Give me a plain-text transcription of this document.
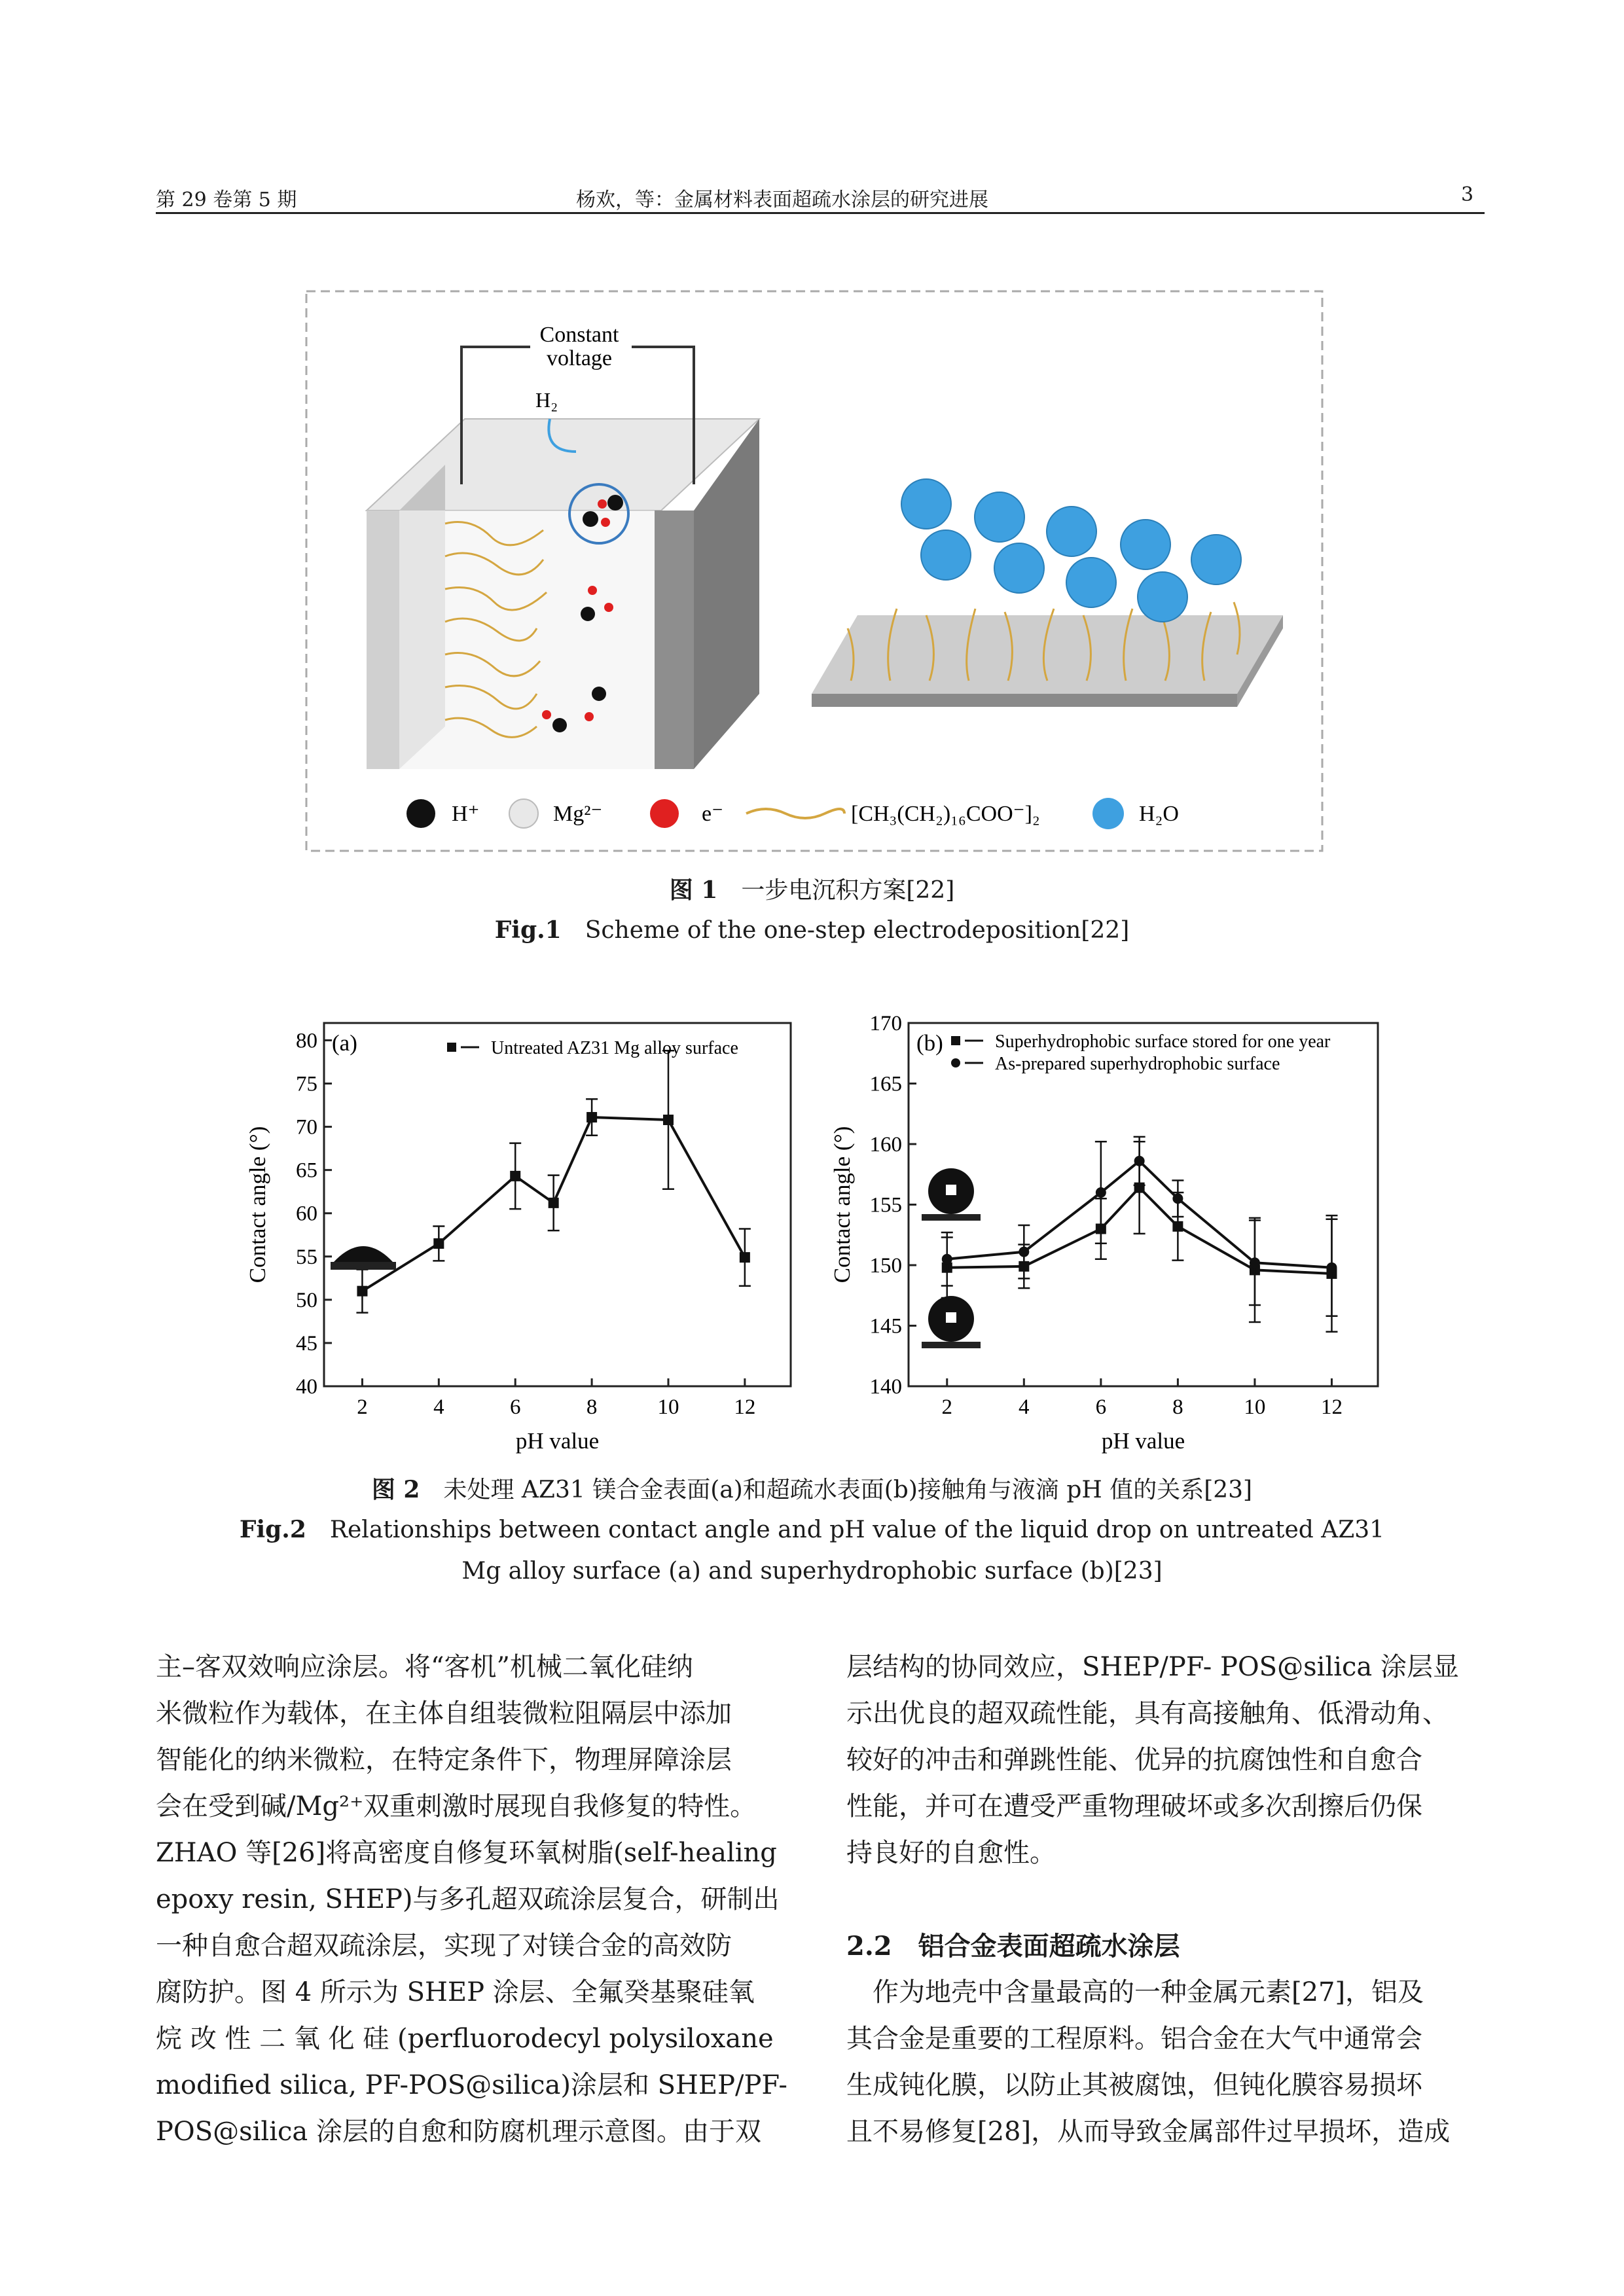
第 29 卷第 5 期	杨欢，等：金属材料表面超疏水涂层的研究进展	3
Constant
voltage
H₂
H⁺	Mg²⁻	e⁻	[CH₃(CH₂)₁₆COO⁻]₂	H₂O
图 1  一步电沉积方案[22]
Fig.1  Scheme of the one-step electrodeposition[22]
2	4	6	8	10	12
40
45
50
55
60
65
70
75
80
pH value
Contact angle (°)
(a)	Untreated AZ31 Mg alloy surface
2	4	6	8	10	12
140
145
150
155
160
165
170
pH value
Contact angle (°)
(b)	Superhydrophobic surface stored for one year
As-prepared superhydrophobic surface
图 2  未处理 AZ31 镁合金表面(a)和超疏水表面(b)接触角与液滴 pH 值的关系[23]
Fig.2  Relationships between contact angle and pH value of the liquid drop on untreated AZ31
Mg alloy surface (a) and superhydrophobic surface (b)[23]

主–客双效响应涂层。将“客机”机械二氧化硅纳

米微粒作为载体，在主体自组装微粒阻隔层中添加

智能化的纳米微粒，在特定条件下，物理屏障涂层

会在受到碱/Mg²⁺双重刺激时展现自我修复的特性。

ZHAO 等[26]将高密度自修复环氧树脂(self-healing

epoxy resin, SHEP)与多孔超双疏涂层复合，研制出

一种自愈合超双疏涂层，实现了对镁合金的高效防

腐防护。图 4 所示为 SHEP 涂层、全氟癸基聚硅氧

烷 改 性 二 氧 化 硅 (perfluorodecyl polysiloxane

modified silica, PF-POS@silica)涂层和 SHEP/PF-

POS@silica 涂层的自愈和防腐机理示意图。由于双

层结构的协同效应，SHEP/PF- POS@silica 涂层显

示出优良的超双疏性能，具有高接触角、低滑动角、

较好的冲击和弹跳性能、优异的抗腐蚀性和自愈合

性能，并可在遭受严重物理破坏或多次刮擦后仍保

持良好的自愈性。

2.2　铝合金表面超疏水涂层

　作为地壳中含量最高的一种金属元素[27]，铝及

其合金是重要的工程原料。铝合金在大气中通常会

生成钝化膜，以防止其被腐蚀，但钝化膜容易损坏

且不易修复[28]，从而导致金属部件过早损坏，造成
